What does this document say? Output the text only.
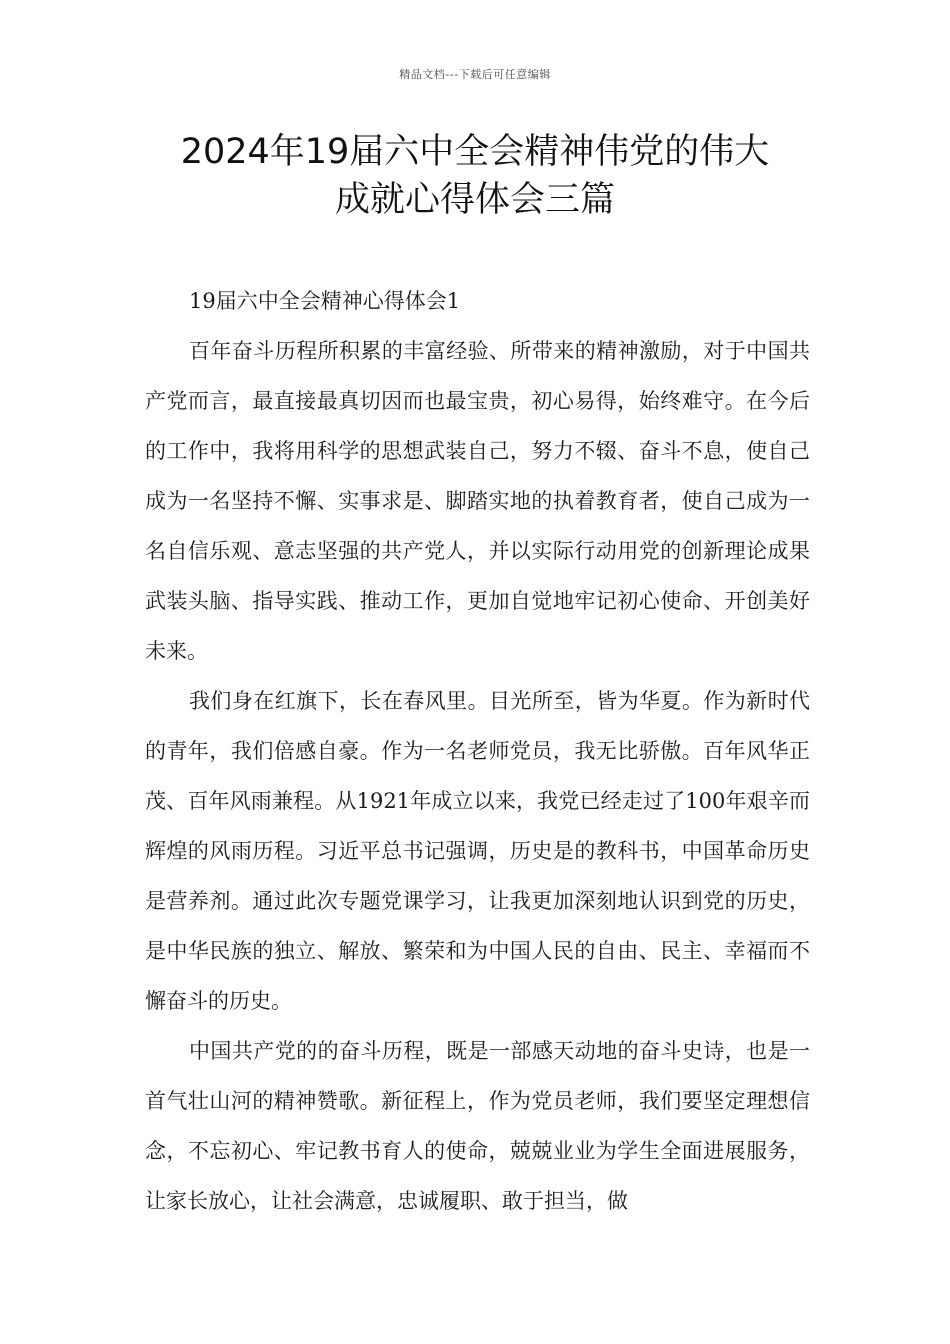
精品文档---下载后可任意编辑
2024年19届六中全会精神伟党的伟大
成就心得体会三篇

19届六中全会精神心得体会1

百年奋斗历程所积累的丰富经验、所带来的精神激励，对于中国共产党而言，最直接最真切因而也最宝贵，初心易得，始终难守。在今后的工作中，我将用科学的思想武装自己，努力不辍、奋斗不息，使自己成为一名坚持不懈、实事求是、脚踏实地的执着教育者，使自己成为一名自信乐观、意志坚强的共产党人，并以实际行动用党的创新理论成果武装头脑、指导实践、推动工作，更加自觉地牢记初心使命、开创美好未来。

我们身在红旗下，长在春风里。目光所至，皆为华夏。作为新时代的青年，我们倍感自豪。作为一名老师党员，我无比骄傲。百年风华正茂、百年风雨兼程。从1921年成立以来，我党已经走过了100年艰辛而辉煌的风雨历程。习近平总书记强调，历史是的教科书，中国革命历史是营养剂。通过此次专题党课学习，让我更加深刻地认识到党的历史，是中华民族的独立、解放、繁荣和为中国人民的自由、民主、幸福而不懈奋斗的历史。

中国共产党的的奋斗历程，既是一部感天动地的奋斗史诗，也是一首气壮山河的精神赞歌。新征程上，作为党员老师，我们要坚定理想信念，不忘初心、牢记教书育人的使命，兢兢业业为学生全面进展服务，让家长放心，让社会满意，忠诚履职、敢于担当，做
